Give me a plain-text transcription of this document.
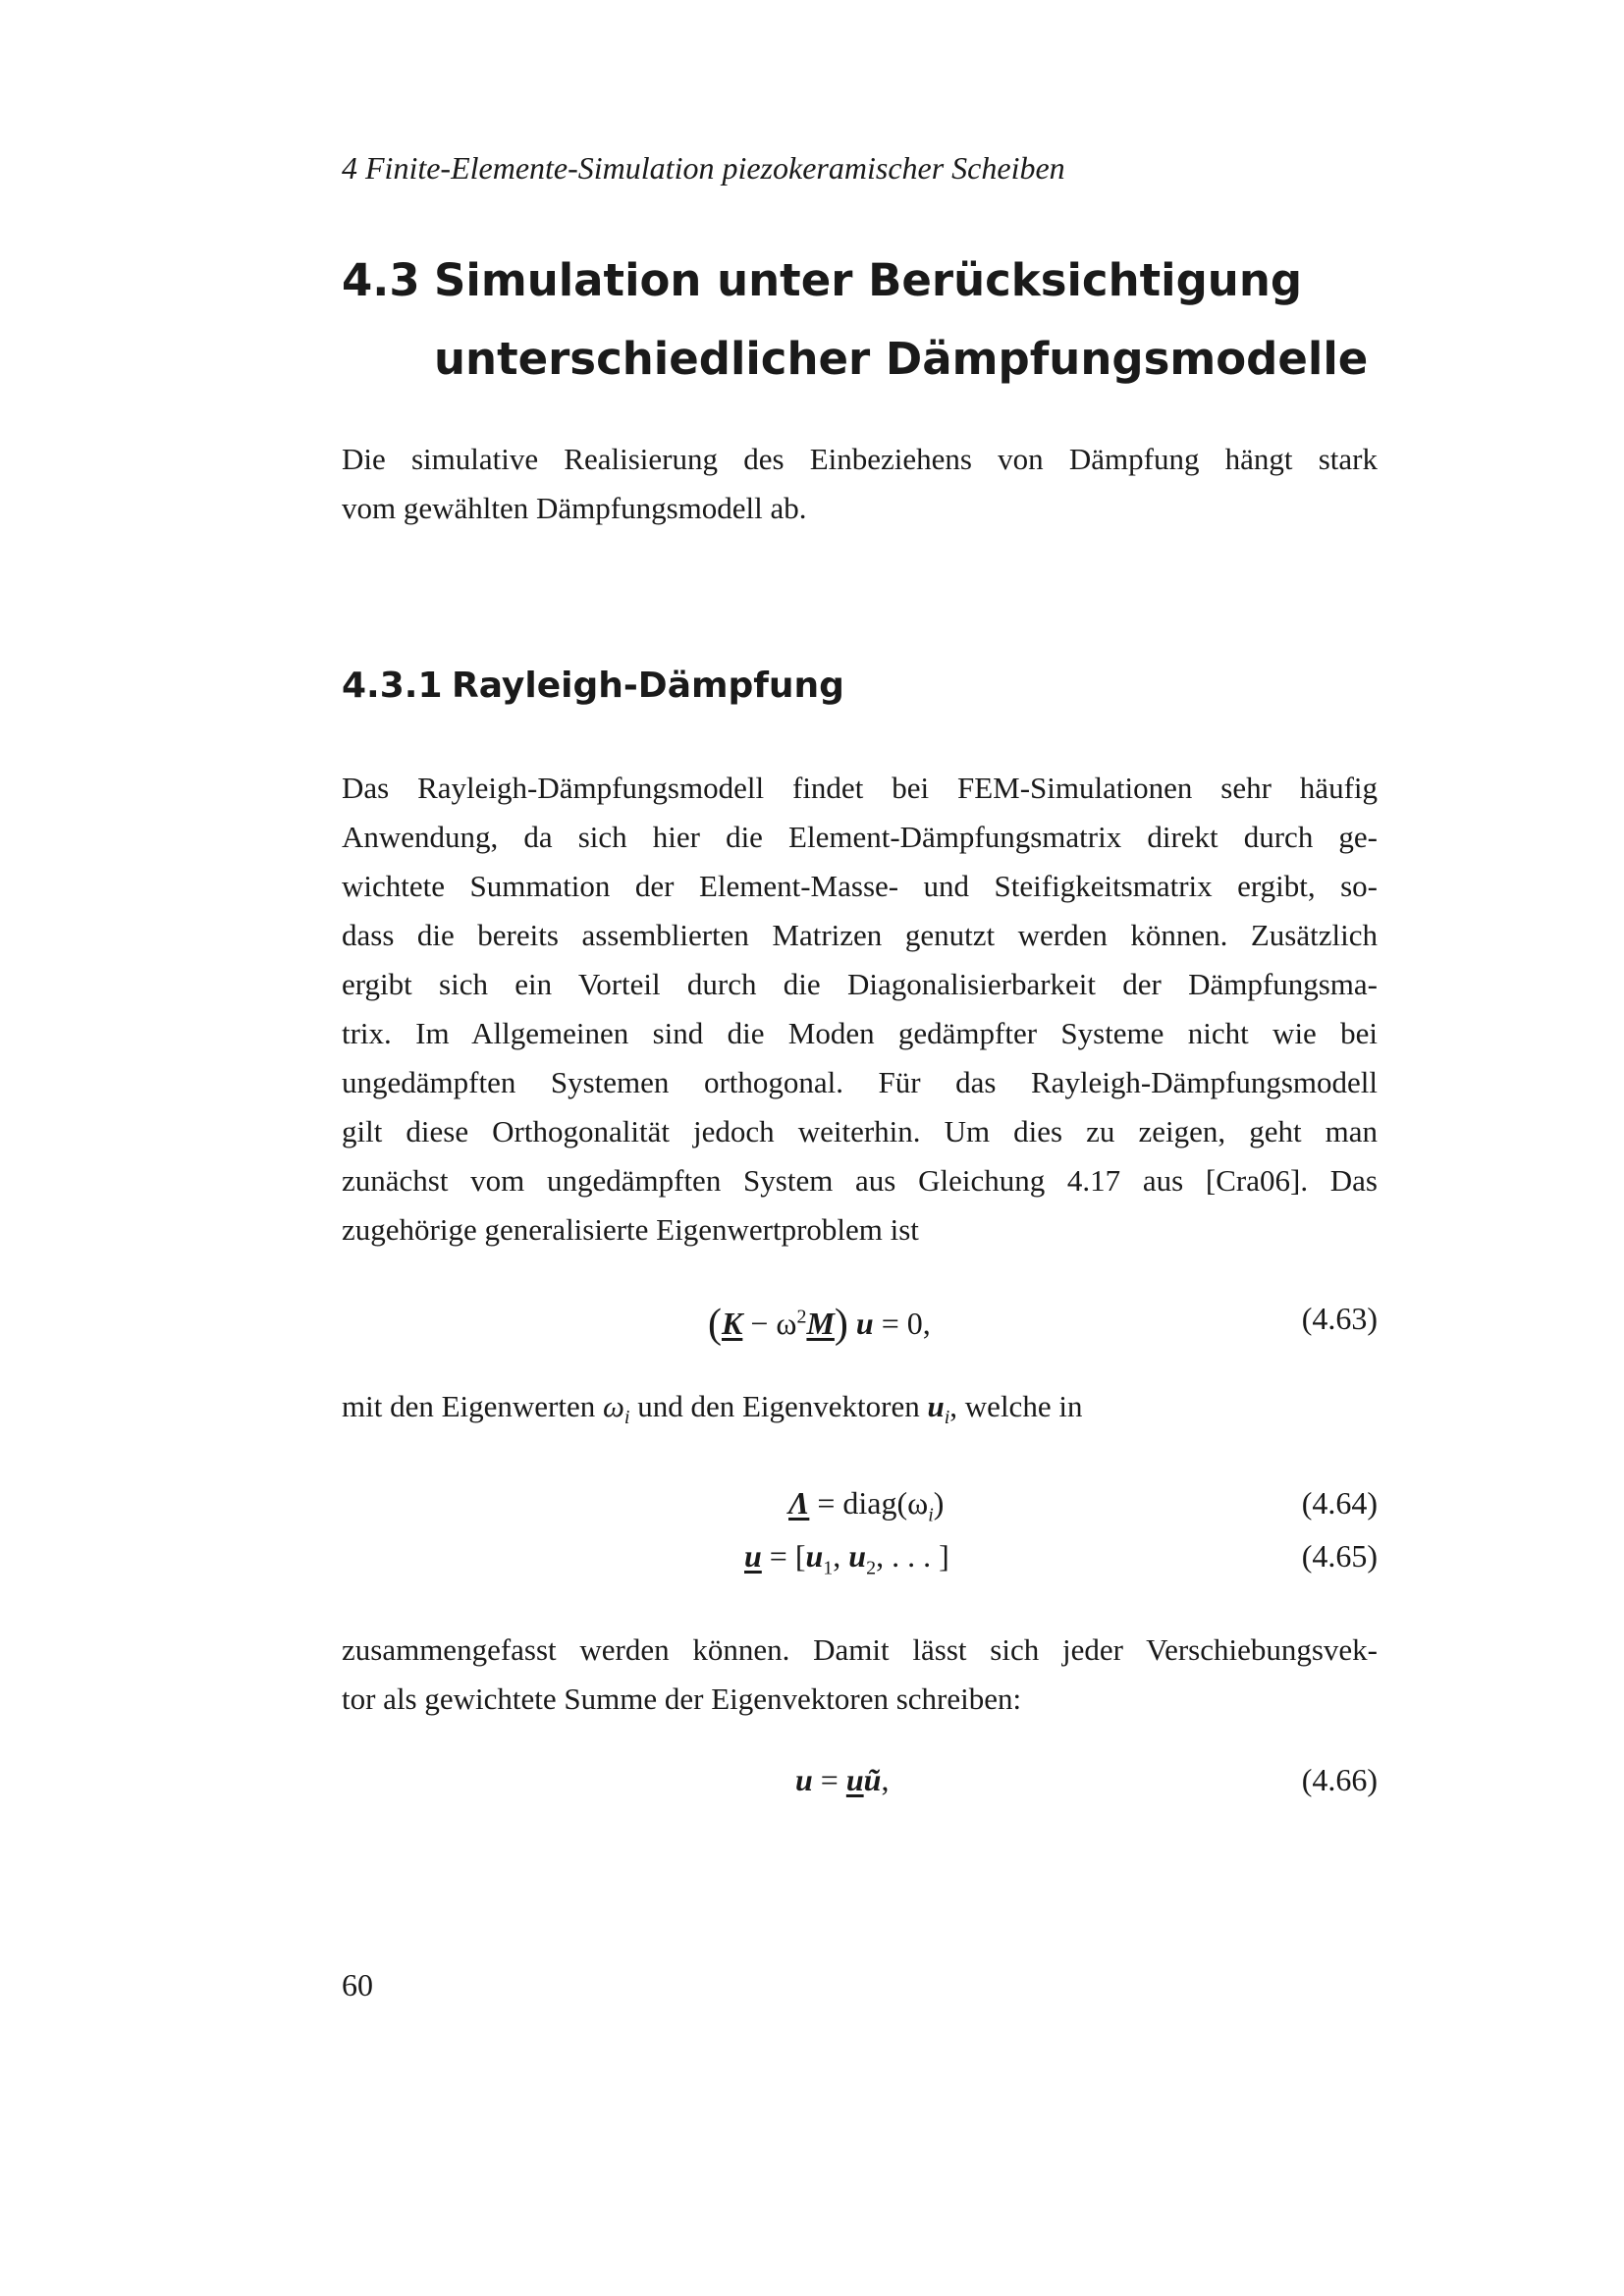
4 Finite-Elemente-Simulation piezokeramischer Scheiben
4.3 Simulation unter Berücksichtigung
unterschiedlicher Dämpfungsmodelle
Die simulative Realisierung des Einbeziehens von Dämpfung hängt stark
vom gewählten Dämpfungsmodell ab.
4.3.1 Rayleigh-Dämpfung
Das Rayleigh-Dämpfungsmodell findet bei FEM-Simulationen sehr häufig
Anwendung, da sich hier die Element-Dämpfungsmatrix direkt durch ge-
wichtete Summation der Element-Masse- und Steifigkeitsmatrix ergibt, so-
dass die bereits assemblierten Matrizen genutzt werden können. Zusätzlich
ergibt sich ein Vorteil durch die Diagonalisierbarkeit der Dämpfungsma-
trix. Im Allgemeinen sind die Moden gedämpfter Systeme nicht wie bei
ungedämpften Systemen orthogonal. Für das Rayleigh-Dämpfungsmodell
gilt diese Orthogonalität jedoch weiterhin. Um dies zu zeigen, geht man
zunächst vom ungedämpften System aus Gleichung 4.17 aus [Cra06]. Das
zugehörige generalisierte Eigenwertproblem ist
$(K - \omega^2M)$ u = 0,	(4.63)
mit den Eigenwerten $\omega_i$ und den Eigenvektoren $u_i$, welche in
$\Lambda = diag(\omega_i)$	(4.64)
$u = [u_1$, $u_2$, . . . ]	(4.65)
zusammengefasst werden können. Damit lässt sich jeder Verschiebungsvek-
tor als gewichtete Summe der Eigenvektoren schreiben:
u = uũ,	(4.66)
60
